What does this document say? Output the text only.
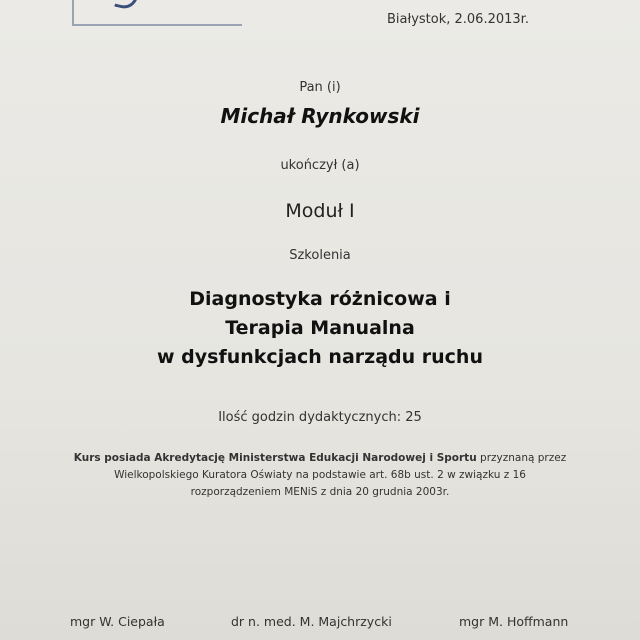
Białystok, 2.06.2013r.
Pan (i)
Michał Rynkowski
ukończył (a)
Moduł I
Szkolenia
Diagnostyka różnicowa i
Terapia Manualna
w dysfunkcjach narządu ruchu
Ilość godzin dydaktycznych: 25
Kurs posiada Akredytację Ministerstwa Edukacji Narodowej i Sportu przyznaną przez
Wielkopolskiego Kuratora Oświaty na podstawie art. 68b ust. 2 w związku z 16
rozporządzeniem MENiS z dnia 20 grudnia 2003r.
mgr W. Ciepała	dr n. med. M. Majchrzycki	mgr M. Hoffmann
